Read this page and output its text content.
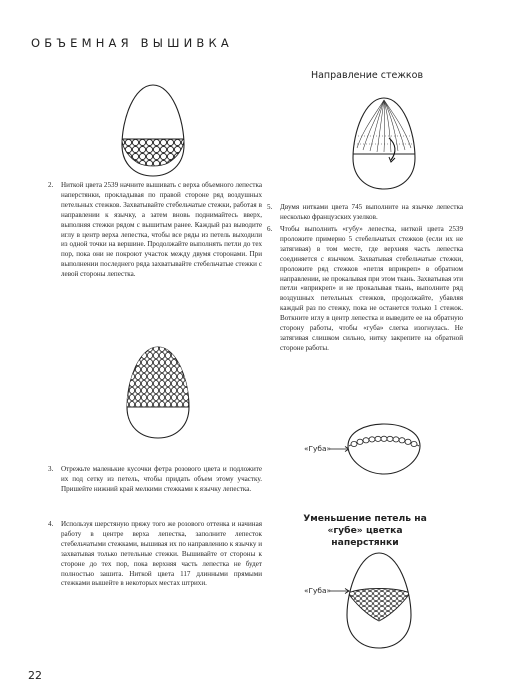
ОБЪЕМНАЯ ВЫШИВКА
Направление стежков
2. Ниткой цвета 2539 начните вышивать с верха объемного лепестка наперстянки, прокладывая по правой стороне ряд воздушных петельных стежков. Захватывайте стебельчатые стежки, работая в направлении к язычку, а затем вновь поднимайтесь вверх, выполняя стежки рядом с вышитым ранее. Каждый раз выводите иглу в центр верха лепестка, чтобы все ряды из петель выходили из одной точки на вершине. Продолжайте выполнять петли до тех пор, пока они не покроют участок между двумя сторонами. При выполнении последнего ряда захватывайте стебельчатые стежки с левой стороны лепестка.
3. Отрежьте маленькие кусочки фетра розового цвета и подложите их под сетку из петель, чтобы придать объем этому участку. Пришейте нижний край мелкими стежками к язычку лепестка.
4. Используя шерстяную пряжу того же розового оттенка и начиная работу в центре верха лепестка, заполните лепесток стебельчатыми стежками, вышивая их по направлению к язычку и захватывая только петельные стежки. Вышивайте от стороны к стороне до тех пор, пока верхняя часть лепестка не будет полностью зашита. Ниткой цвета 117 длинными прямыми стежками вышейте в некоторых местах штрихи.
5. Двумя нитками цвета 745 выполните на язычке лепестка несколько французских узелков.
6. Чтобы выполнить «губу» лепестка, ниткой цвета 2539 проложите примерно 5 стебельчатых стежков (если их не затягивая) в том месте, где верхняя часть лепестка соединяется с язычком. Захватывая стебельчатые стежки, проложите ряд стежков «петля вприкреп» в обратном направлении, не прокалывая при этом ткань. Захватывая эти петли «вприкреп» и не прокалывая ткань, выполните ряд воздушных петельных стежков, продолжайте, убавляя каждый раз по стежку, пока не останется только 1 стежок. Воткните иглу в центр лепестка и выведите ее на обратную сторону работы, чтобы «губа» слегка изогнулась. Не затягивая слишком сильно, нитку закрепите на обратной стороне работы.
«Губа»
Уменьшение петель на «губе» цветка наперстянки
«Губа»
22
